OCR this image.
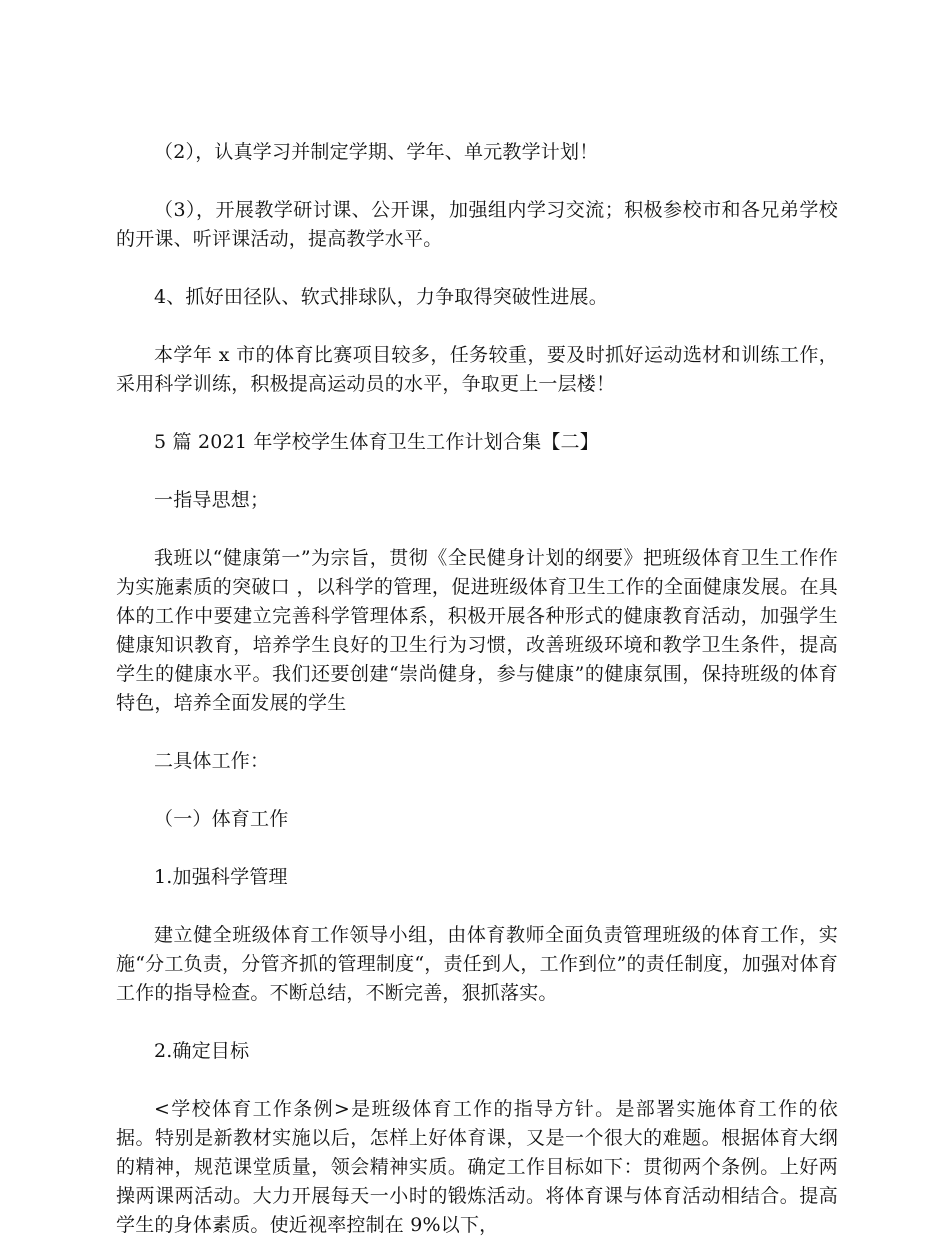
（2），认真学习并制定学期、学年、单元教学计划！

（3），开展教学研讨课、公开课，加强组内学习交流；积极参校市和各兄弟学校的开课、听评课活动，提高教学水平。

4、抓好田径队、软式排球队，力争取得突破性进展。

本学年 x 市的体育比赛项目较多，任务较重，要及时抓好运动选材和训练工作，采用科学训练，积极提高运动员的水平，争取更上一层楼！

5 篇 2021 年学校学生体育卫生工作计划合集【二】

一指导思想；

我班以“健康第一”为宗旨，贯彻《全民健身计划的纲要》把班级体育卫生工作作为实施素质的突破口 ，以科学的管理，促进班级体育卫生工作的全面健康发展。在具体的工作中要建立完善科学管理体系，积极开展各种形式的健康教育活动，加强学生健康知识教育，培养学生良好的卫生行为习惯，改善班级环境和教学卫生条件，提高学生的健康水平。我们还要创建“崇尚健身，参与健康”的健康氛围，保持班级的体育特色，培养全面发展的学生

二具体工作：

（一）体育工作

1.加强科学管理

建立健全班级体育工作领导小组，由体育教师全面负责管理班级的体育工作，实施“分工负责，分管齐抓的管理制度“，责任到人，工作到位”的责任制度，加强对体育工作的指导检查。不断总结，不断完善，狠抓落实。

2.确定目标

<学校体育工作条例>是班级体育工作的指导方针。是部署实施体育工作的依据。特别是新教材实施以后，怎样上好体育课，又是一个很大的难题。根据体育大纲的精神，规范课堂质量，领会精神实质。确定工作目标如下：贯彻两个条例。上好两操两课两活动。大力开展每天一小时的锻炼活动。将体育课与体育活动相结合。提高学生的身体素质。使近视率控制在 9%以下，
